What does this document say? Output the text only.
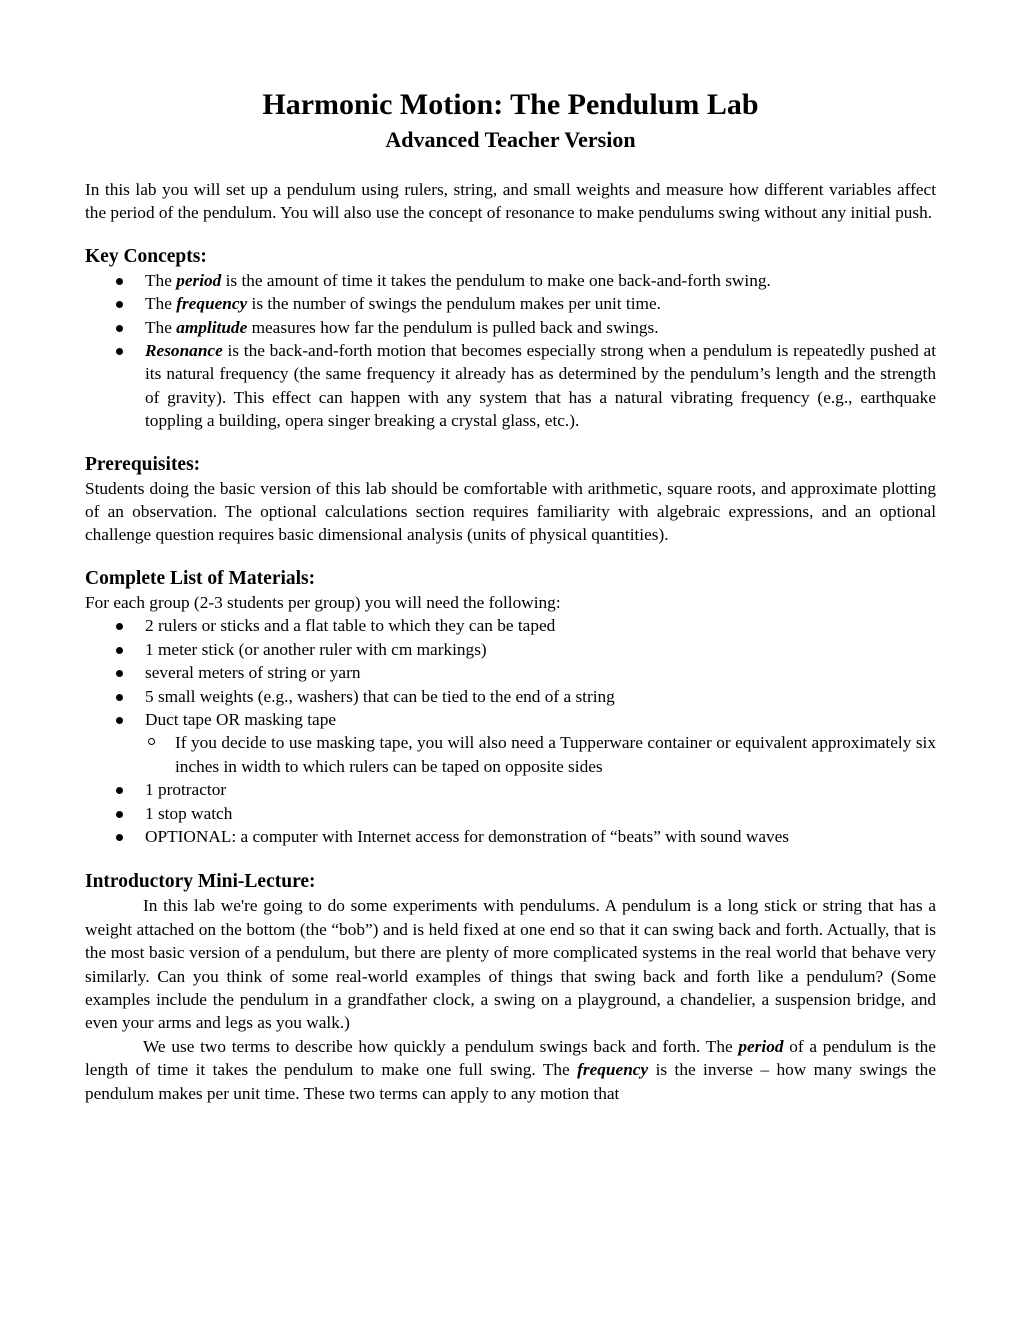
Harmonic Motion: The Pendulum Lab
Advanced Teacher Version

In this lab you will set up a pendulum using rulers, string, and small weights and measure how different variables affect the period of the pendulum. You will also use the concept of resonance to make pendulums swing without any initial push.

Key Concepts:
The period is the amount of time it takes the pendulum to make one back-and-forth swing.
The frequency is the number of swings the pendulum makes per unit time.
The amplitude measures how far the pendulum is pulled back and swings.
Resonance is the back-and-forth motion that becomes especially strong when a pendulum is repeatedly pushed at its natural frequency (the same frequency it already has as determined by the pendulum’s length and the strength of gravity). This effect can happen with any system that has a natural vibrating frequency (e.g., earthquake toppling a building, opera singer breaking a crystal glass, etc.).
Prerequisites:

Students doing the basic version of this lab should be comfortable with arithmetic, square roots, and approximate plotting of an observation. The optional calculations section requires familiarity with algebraic expressions, and an optional challenge question requires basic dimensional analysis (units of physical quantities).

Complete List of Materials:

For each group (2-3 students per group) you will need the following:

2 rulers or sticks and a flat table to which they can be taped
1 meter stick (or another ruler with cm markings)
several meters of string or yarn
5 small weights (e.g., washers) that can be tied to the end of a string
Duct tape OR masking tape
If you decide to use masking tape, you will also need a Tupperware container or equivalent approximately six inches in width to which rulers can be taped on opposite sides
1 protractor
1 stop watch
OPTIONAL: a computer with Internet access for demonstration of “beats” with sound waves
Introductory Mini-Lecture:

In this lab we're going to do some experiments with pendulums. A pendulum is a long stick or string that has a weight attached on the bottom (the “bob”) and is held fixed at one end so that it can swing back and forth. Actually, that is the most basic version of a pendulum, but there are plenty of more complicated systems in the real world that behave very similarly. Can you think of some real-world examples of things that swing back and forth like a pendulum? (Some examples include the pendulum in a grandfather clock, a swing on a playground, a chandelier, a suspension bridge, and even your arms and legs as you walk.)

We use two terms to describe how quickly a pendulum swings back and forth. The period of a pendulum is the length of time it takes the pendulum to make one full swing. The frequency is the inverse – how many swings the pendulum makes per unit time. These two terms can apply to any motion that
